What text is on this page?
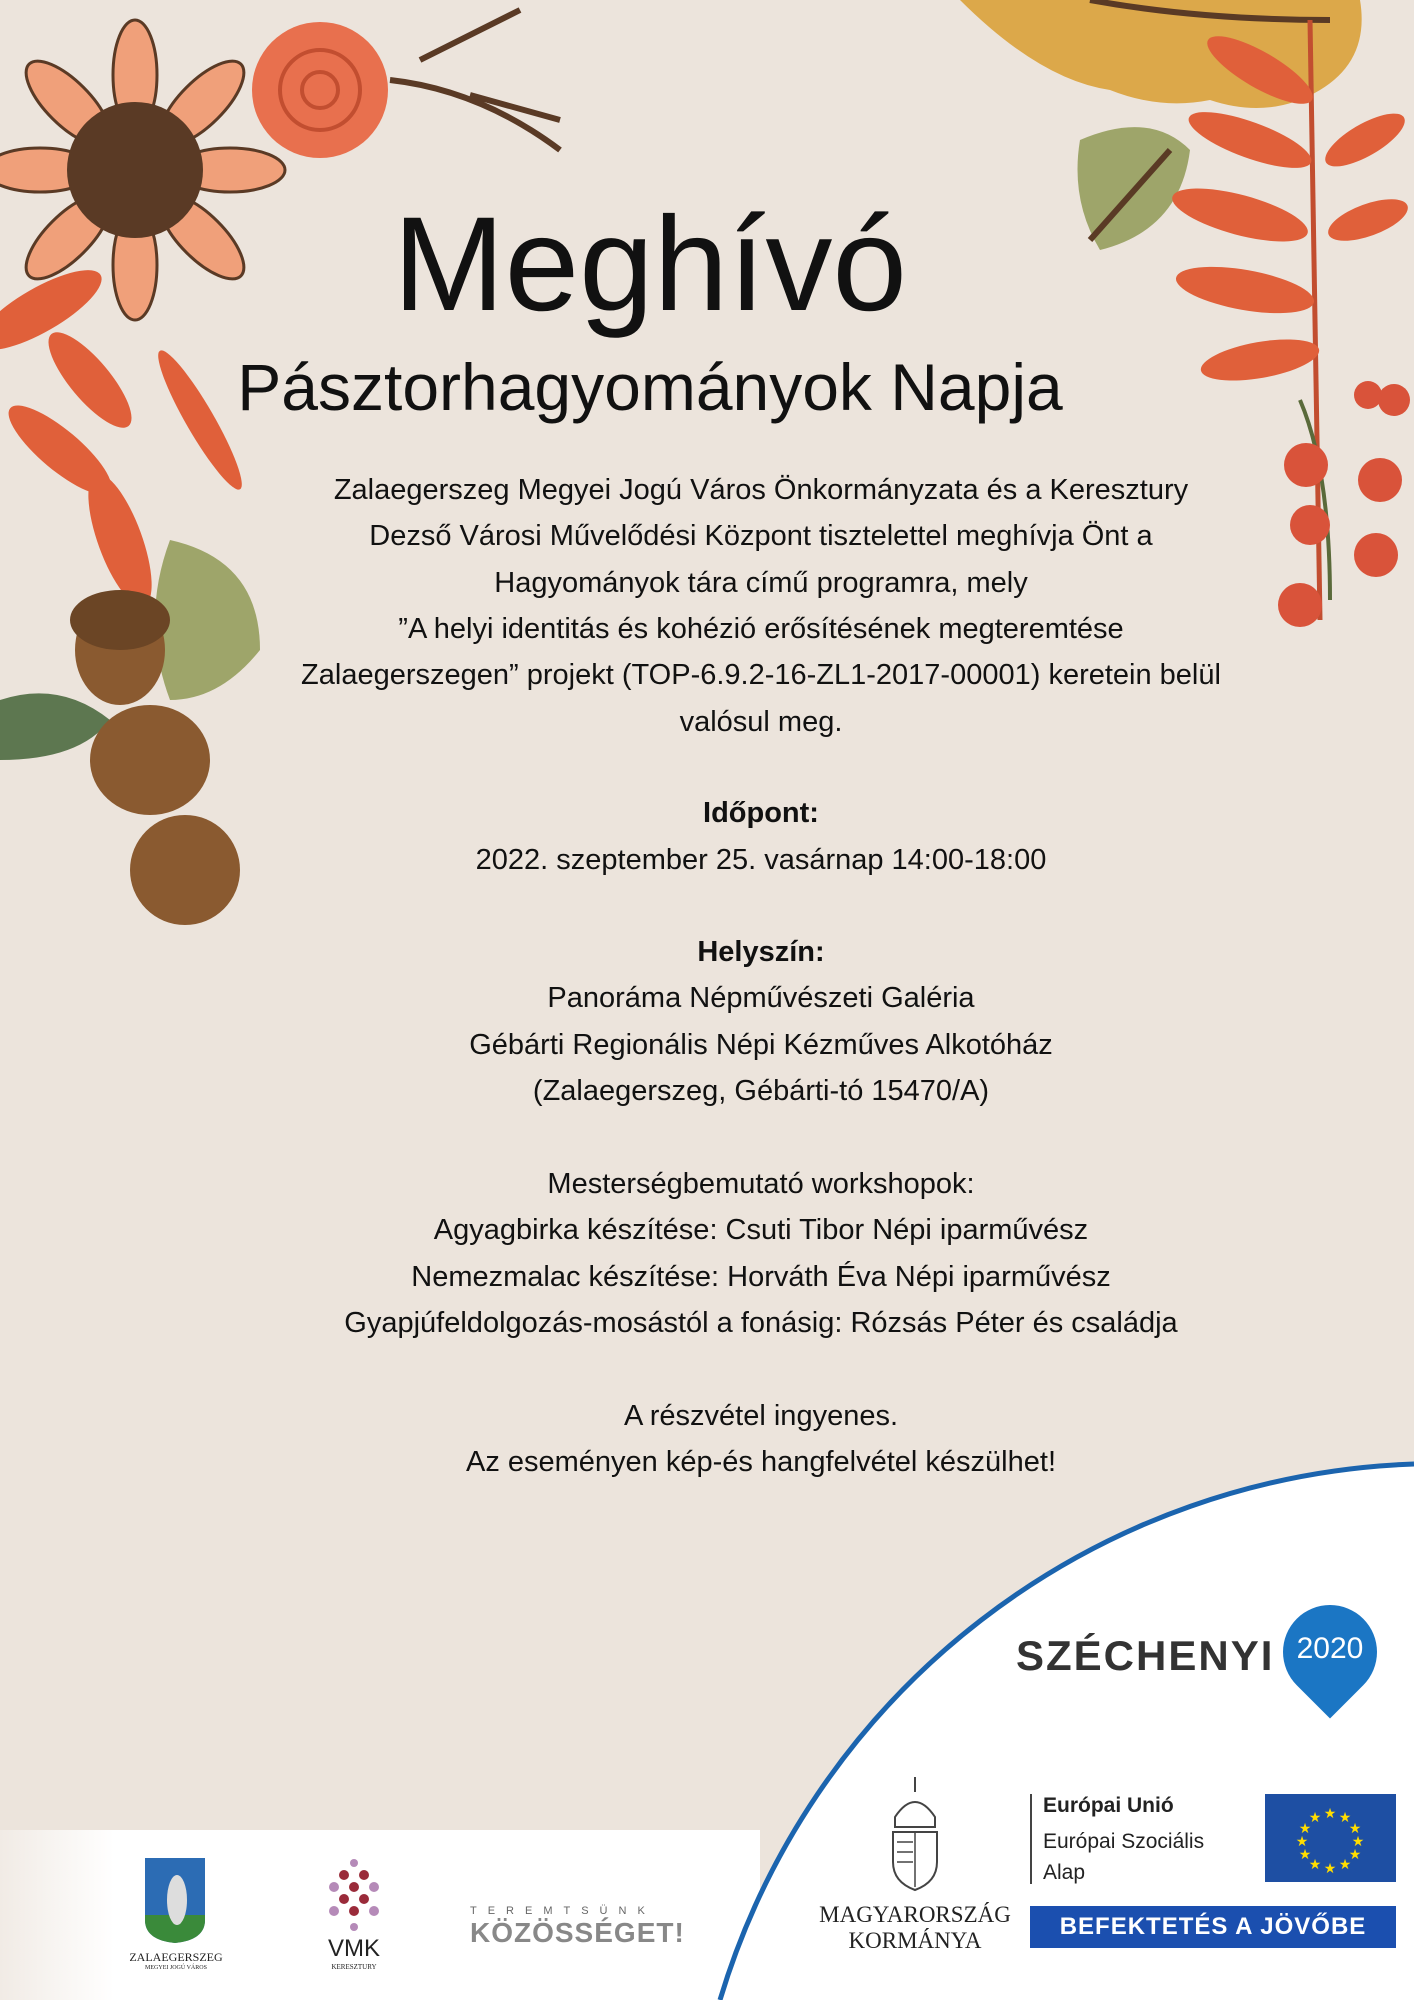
Meghívó
Pásztorhagyományok Napja
Zalaegerszeg Megyei Jogú Város Önkormányzata és a Keresztury
Dezső Városi Művelődési Központ tisztelettel meghívja Önt a
Hagyományok tára című programra, mely
”A helyi identitás és kohézió erősítésének megteremtése
Zalaegerszegen” projekt (TOP-6.9.2-16-ZL1-2017-00001) keretein belül
valósul meg.
Időpont:
2022. szeptember 25. vasárnap 14:00-18:00
Helyszín:
Panoráma Népművészeti Galéria
Gébárti Regionális Népi Kézműves Alkotóház
(Zalaegerszeg, Gébárti-tó 15470/A)
Mesterségbemutató workshopok:
Agyagbirka készítése: Csuti Tibor Népi iparművész
Nemezmalac készítése: Horváth Éva Népi iparművész
Gyapjúfeldolgozás-mosástól a fonásig: Rózsás Péter és családja
A részvétel ingyenes.
Az eseményen kép-és hangfelvétel készülhet!
SZÉCHENYI 2020
MAGYARORSZÁG
KORMÁNYA
Európai Unió
Európai Szociális
Alap
★ ★
★
★
★
★
★
★
★
★
★
★
BEFEKTETÉS A JÖVŐBE
ZALAEGERSZEG
MEGYEI JOGÚ VÁROS
VMK
KERESZTURY
TEREMTSÜNK
KÖZÖSSÉGET!
